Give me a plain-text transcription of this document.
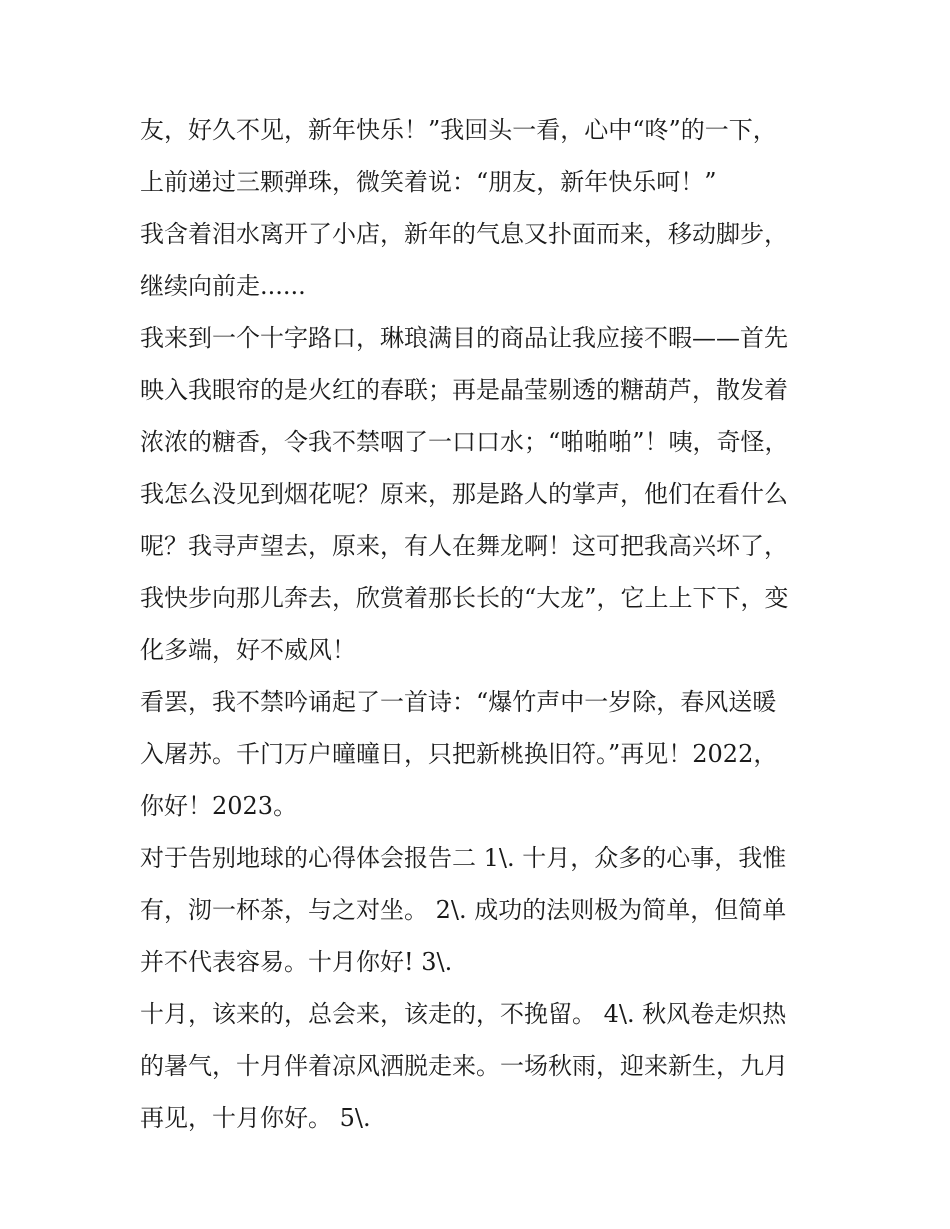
友，好久不见，新年快乐！”我回头一看，心中“咚”的一下，
上前递过三颗弹珠，微笑着说：“朋友，新年快乐呵！”
我含着泪水离开了小店，新年的气息又扑面而来，移动脚步，
继续向前走......
我来到一个十字路口，琳琅满目的商品让我应接不暇——首先
映入我眼帘的是火红的春联；再是晶莹剔透的糖葫芦，散发着
浓浓的糖香，令我不禁咽了一口口水；“啪啪啪”！咦，奇怪，
我怎么没见到烟花呢？原来，那是路人的掌声，他们在看什么
呢？我寻声望去，原来，有人在舞龙啊！这可把我高兴坏了，
我快步向那儿奔去，欣赏着那长长的“大龙”，它上上下下，变
化多端，好不威风！
看罢，我不禁吟诵起了一首诗：“爆竹声中一岁除，春风送暖
入屠苏。千门万户曈曈日，只把新桃换旧符。”再见！2022，
你好！2023。
对于告别地球的心得体会报告二 1\. 十月，众多的心事，我惟
有，沏一杯茶，与之对坐。 2\. 成功的法则极为简单，但简单
并不代表容易。十月你好! 3\.
十月，该来的，总会来，该走的，不挽留。 4\. 秋风卷走炽热
的暑气，十月伴着凉风洒脱走来。一场秋雨，迎来新生，九月
再见，十月你好。 5\.
